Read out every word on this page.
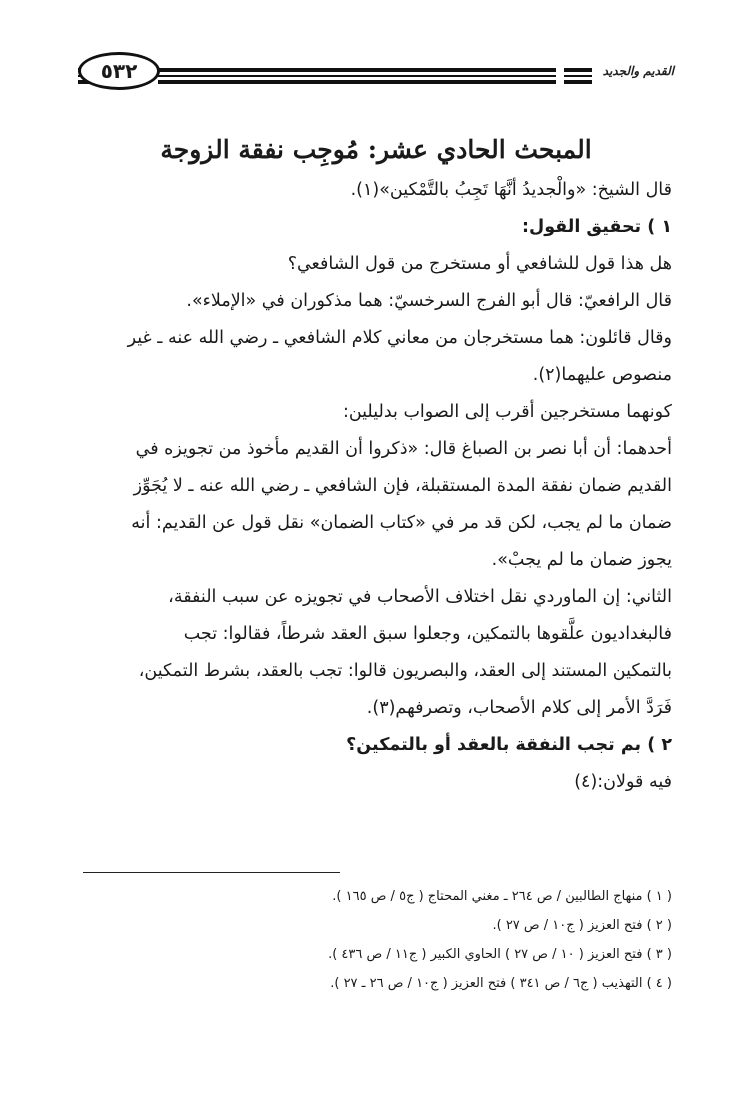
القديم والجديد
٥٣٢
المبحث الحادي عشر: مُوجِب نفقة الزوجة
قال الشيخ: «والْجديدُ أنَّهَا تَجِبُ بالتَّمْكين»(١).
١ ) تحقيق القول:
هل هذا قول للشافعي أو مستخرج من قول الشافعي؟
قال الرافعيّ: قال أبو الفرج السرخسيّ: هما مذكوران في «الإملاء».
وقال قائلون: هما مستخرجان من معاني كلام الشافعي ـ رضي الله عنه ـ غير
منصوص عليهما(٢).
كونهما مستخرجين أقرب إلى الصواب بدليلين:
أحدهما: أن أبا نصر بن الصباغ قال: «ذكروا أن القديم مأخوذ من تجويزه في
القديم ضمان نفقة المدة المستقبلة، فإن الشافعي ـ رضي الله عنه ـ لا يُجَوِّز
ضمان ما لم يجب، لكن قد مر في «كتاب الضمان» نقل قول عن القديم: أنه
يجوز ضمان ما لم يجبْ».
الثاني: إن الماوردي نقل اختلاف الأصحاب في تجويزه عن سبب النفقة،
فالبغداديون علَّقوها بالتمكين، وجعلوا سبق العقد شرطاً، فقالوا: تجب
بالتمكين المستند إلى العقد، والبصريون قالوا: تجب بالعقد، بشرط التمكين،
فَرَدَّ الأمر إلى كلام الأصحاب، وتصرفهم(٣).
٢ ) بم تجب النفقة بالعقد أو بالتمكين؟
فيه قولان:(٤)
( ١ ) منهاج الطالبين / ص ٢٦٤ ـ مغني المحتاج ( ج٥ / ص ١٦٥ ).
( ٢ ) فتح العزيز ( ج١٠ / ص ٢٧ ).
( ٣ ) فتح العزيز ( ١٠ / ص ٢٧ ) الحاوي الكبير ( ج١١ / ص ٤٣٦ ).
( ٤ ) التهذيب ( ج٦ / ص ٣٤١ ) فتح العزيز ( ج١٠ / ص ٢٦ ـ ٢٧ ).
